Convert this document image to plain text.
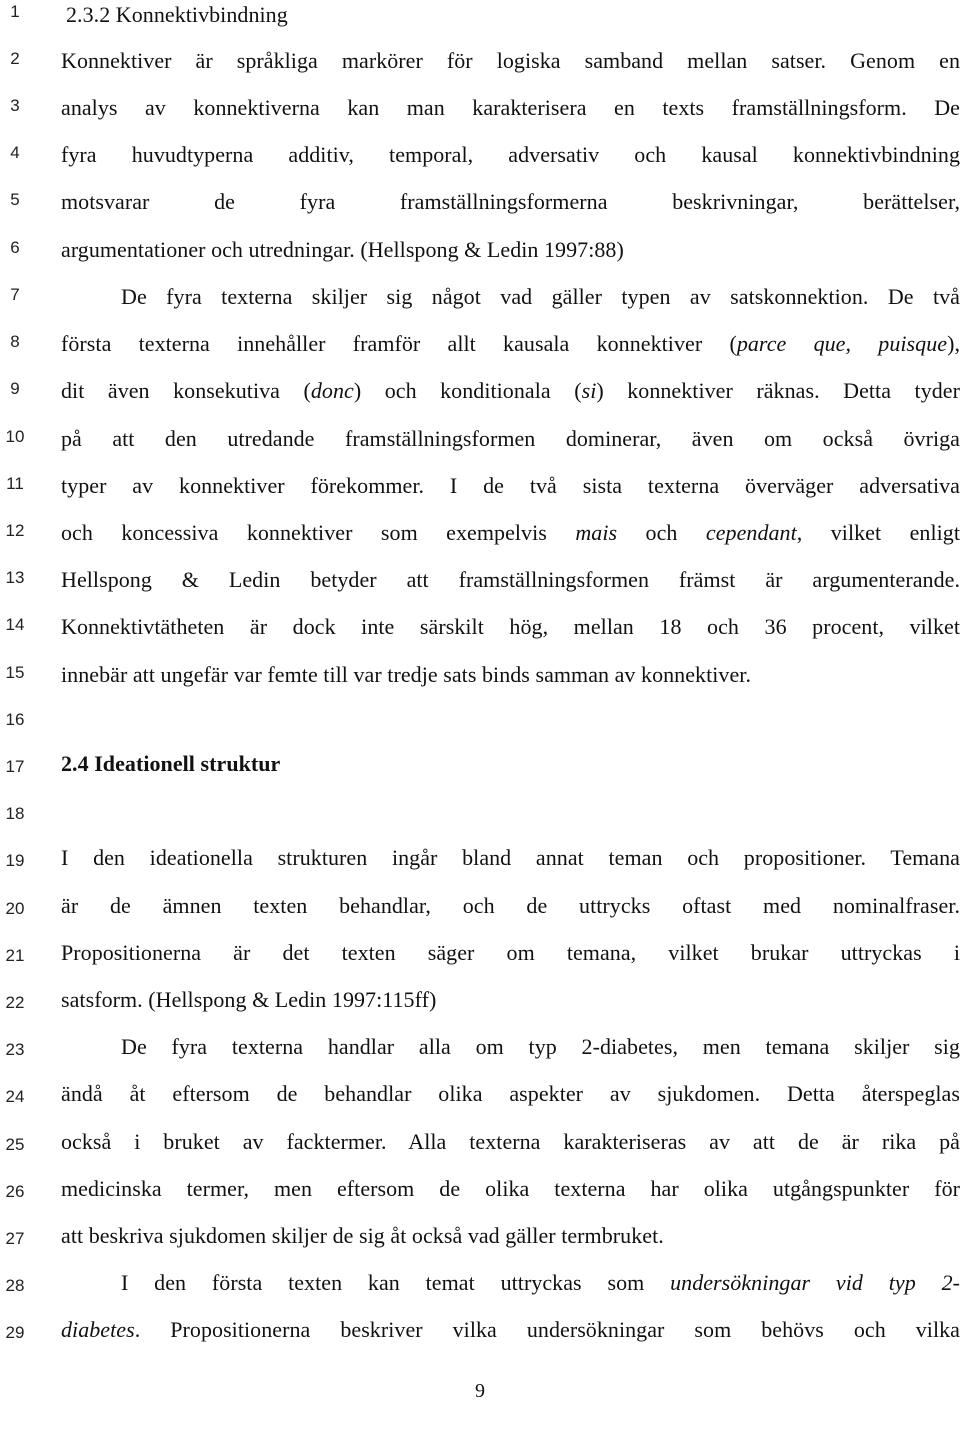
1
2
3
4
5
6
7
8
9
10
11
12
13
14
15
16
17
18
19
20
21
22
23
24
25
26
27
28
29
2.3.2 Konnektivbindning
Konnektiver är språkliga markörer för logiska samband mellan satser. Genom en
analys av konnektiverna kan man karakterisera en texts framställningsform. De
fyra huvudtyperna additiv, temporal, adversativ och kausal konnektivbindning
motsvarar de fyra framställningsformerna beskrivningar, berättelser,
argumentationer och utredningar. (Hellspong & Ledin 1997:88)
De fyra texterna skiljer sig något vad gäller typen av satskonnektion. De två
första texterna innehåller framför allt kausala konnektiver (parce que, puisque),
dit även konsekutiva (donc) och konditionala (si) konnektiver räknas. Detta tyder
på att den utredande framställningsformen dominerar, även om också övriga
typer av konnektiver förekommer. I de två sista texterna överväger adversativa
och koncessiva konnektiver som exempelvis mais och cependant, vilket enligt
Hellspong & Ledin betyder att framställningsformen främst är argumenterande.
Konnektivtätheten är dock inte särskilt hög, mellan 18 och 36 procent, vilket
innebär att ungefär var femte till var tredje sats binds samman av konnektiver.
2.4 Ideationell struktur
I den ideationella strukturen ingår bland annat teman och propositioner. Temana
är de ämnen texten behandlar, och de uttrycks oftast med nominalfraser.
Propositionerna är det texten säger om temana, vilket brukar uttryckas i
satsform. (Hellspong & Ledin 1997:115ff)
De fyra texterna handlar alla om typ 2-diabetes, men temana skiljer sig
ändå åt eftersom de behandlar olika aspekter av sjukdomen. Detta återspeglas
också i bruket av facktermer. Alla texterna karakteriseras av att de är rika på
medicinska termer, men eftersom de olika texterna har olika utgångspunkter för
att beskriva sjukdomen skiljer de sig åt också vad gäller termbruket.
I den första texten kan temat uttryckas som undersökningar vid typ 2-
diabetes. Propositionerna beskriver vilka undersökningar som behövs och vilka
9
